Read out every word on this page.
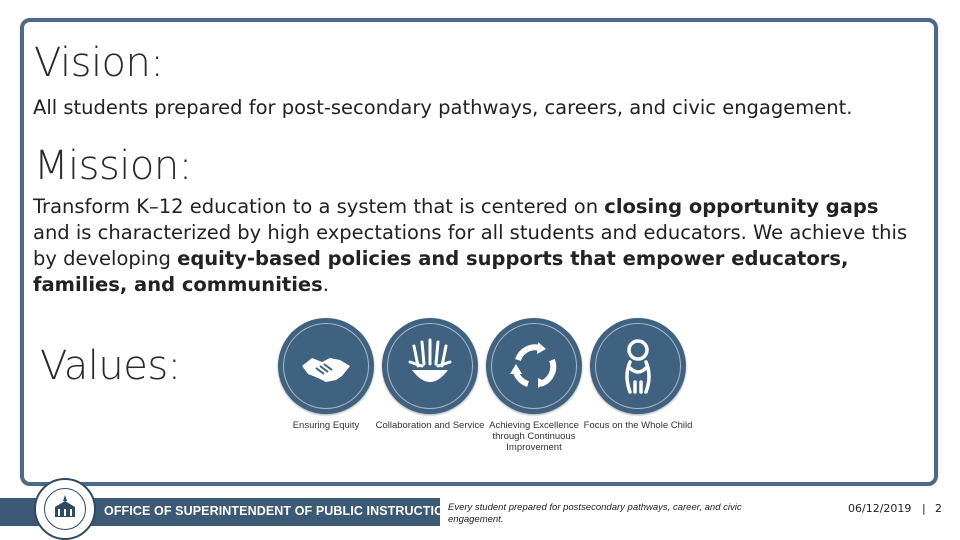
Vision:
All students prepared for post-secondary pathways, careers, and civic engagement.
Mission:
Transform K–12 education to a system that is centered on closing opportunity gaps and is characterized by high expectations for all students and educators. We achieve this by developing equity-based policies and supports that empower educators, families, and communities.
Values:
Ensuring Equity	Collaboration and Service Achieving Excellence through Continuous Improvement
Focus on the Whole Child
OFFICE OF SUPERINTENDENT OF PUBLIC INSTRUCTION
Every student prepared for postsecondary pathways, career, and civic engagement.
06/12/2019 | 2
